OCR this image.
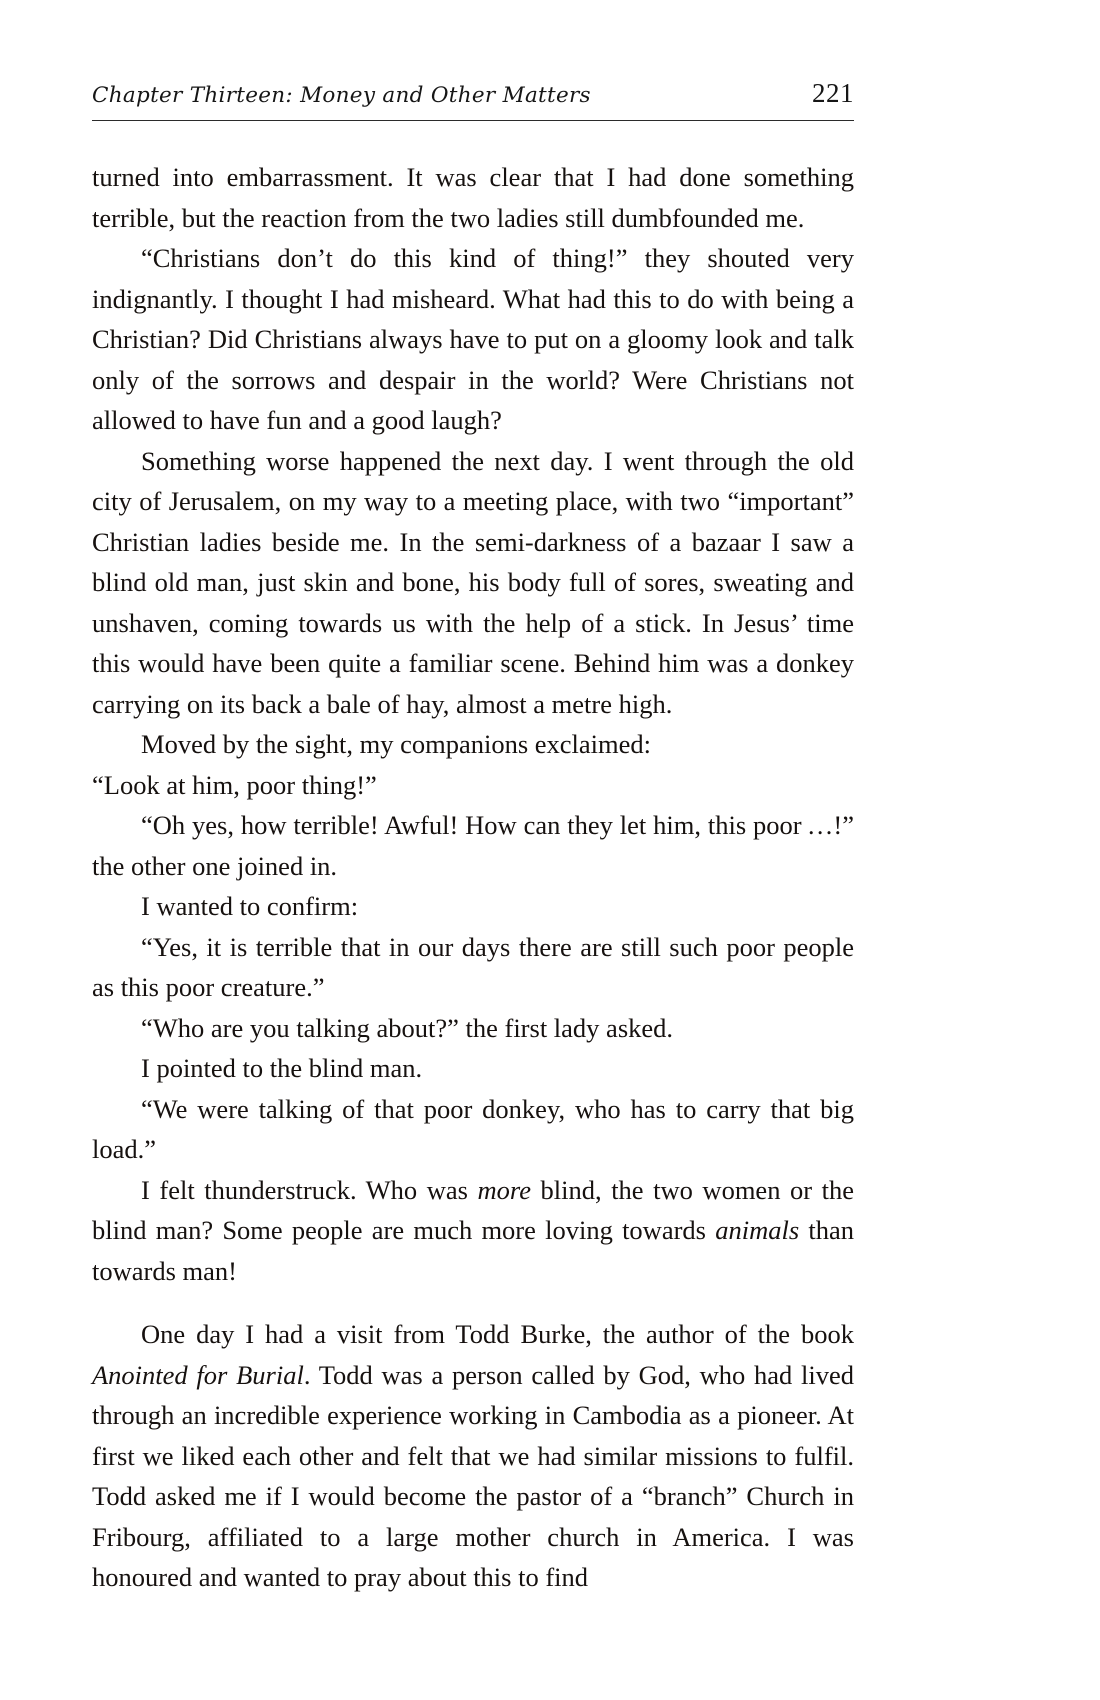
Chapter Thirteen: Money and Other Matters	221

turned into embarrassment. It was clear that I had done something terrible, but the reaction from the two ladies still dumbfounded me.

“Christians don’t do this kind of thing!” they shouted very indignantly. I thought I had misheard. What had this to do with being a Christian? Did Christians always have to put on a gloomy look and talk only of the sorrows and despair in the world? Were Christians not allowed to have fun and a good laugh?

Something worse happened the next day. I went through the old city of Jerusalem, on my way to a meeting place, with two “important” Christian ladies beside me. In the semi-darkness of a bazaar I saw a blind old man, just skin and bone, his body full of sores, sweating and unshaven, coming towards us with the help of a stick. In Jesus’ time this would have been quite a familiar scene. Behind him was a donkey carrying on its back a bale of hay, almost a metre high.

Moved by the sight, my companions exclaimed:

“Look at him, poor thing!”

“Oh yes, how terrible! Awful! How can they let him, this poor …!” the other one joined in.

I wanted to confirm:

“Yes, it is terrible that in our days there are still such poor people as this poor creature.”

“Who are you talking about?” the first lady asked.

I pointed to the blind man.

“We were talking of that poor donkey, who has to carry that big load.”

I felt thunderstruck. Who was more blind, the two women or the blind man? Some people are much more loving towards animals than towards man!

One day I had a visit from Todd Burke, the author of the book Anointed for Burial. Todd was a person called by God, who had lived through an incredible experience working in Cambodia as a pioneer. At first we liked each other and felt that we had similar missions to fulfil. Todd asked me if I would become the pastor of a “branch” Church in Fribourg, affiliated to a large mother church in America. I was honoured and wanted to pray about this to find
